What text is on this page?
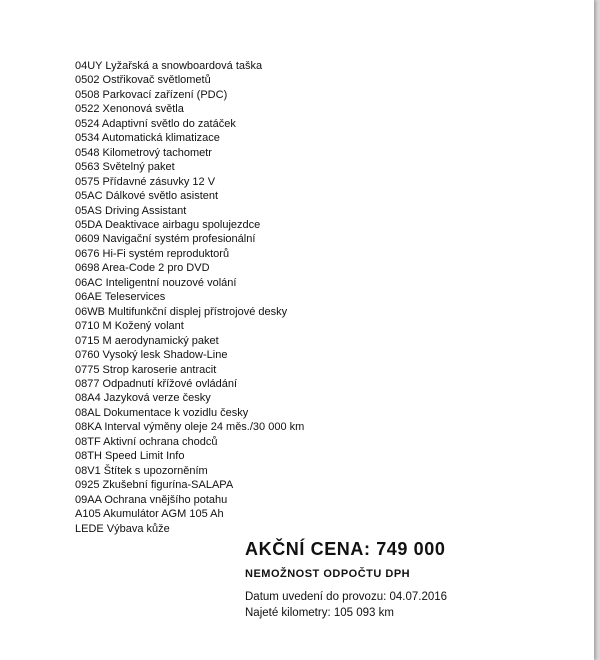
04UY Lyžařská a snowboardová taška
0502 Ostřikovač světlometů
0508 Parkovací zařízení (PDC)
0522 Xenonová světla
0524 Adaptivní světlo do zatáček
0534 Automatická klimatizace
0548 Kilometrový tachometr
0563 Světelný paket
0575 Přídavné zásuvky 12 V
05AC Dálkové světlo asistent
05AS Driving Assistant
05DA Deaktivace airbagu spolujezdce
0609 Navigační systém profesionální
0676 Hi-Fi systém reproduktorů
0698 Area-Code 2 pro DVD
06AC Inteligentní nouzové volání
06AE Teleservices
06WB Multifunkční displej přístrojové desky
0710 M Kožený volant
0715 M aerodynamický paket
0760 Vysoký lesk Shadow-Line
0775 Strop karoserie antracit
0877 Odpadnutí křížové ovládání
08A4 Jazyková verze česky
08AL Dokumentace k vozidlu česky
08KA Interval výměny oleje 24 měs./30 000 km
08TF Aktivní ochrana chodců
08TH Speed Limit Info
08V1 Štítek s upozorněním
0925 Zkušební figurína-SALAPA
09AA Ochrana vnějšího potahu
A105 Akumulátor AGM 105 Ah
LEDE Výbava kůže
AKČNÍ CENA: 749 000
NEMOŽNOST ODPOČTU DPH
Datum uvedení do provozu: 04.07.2016
Najeté kilometry: 105 093 km
